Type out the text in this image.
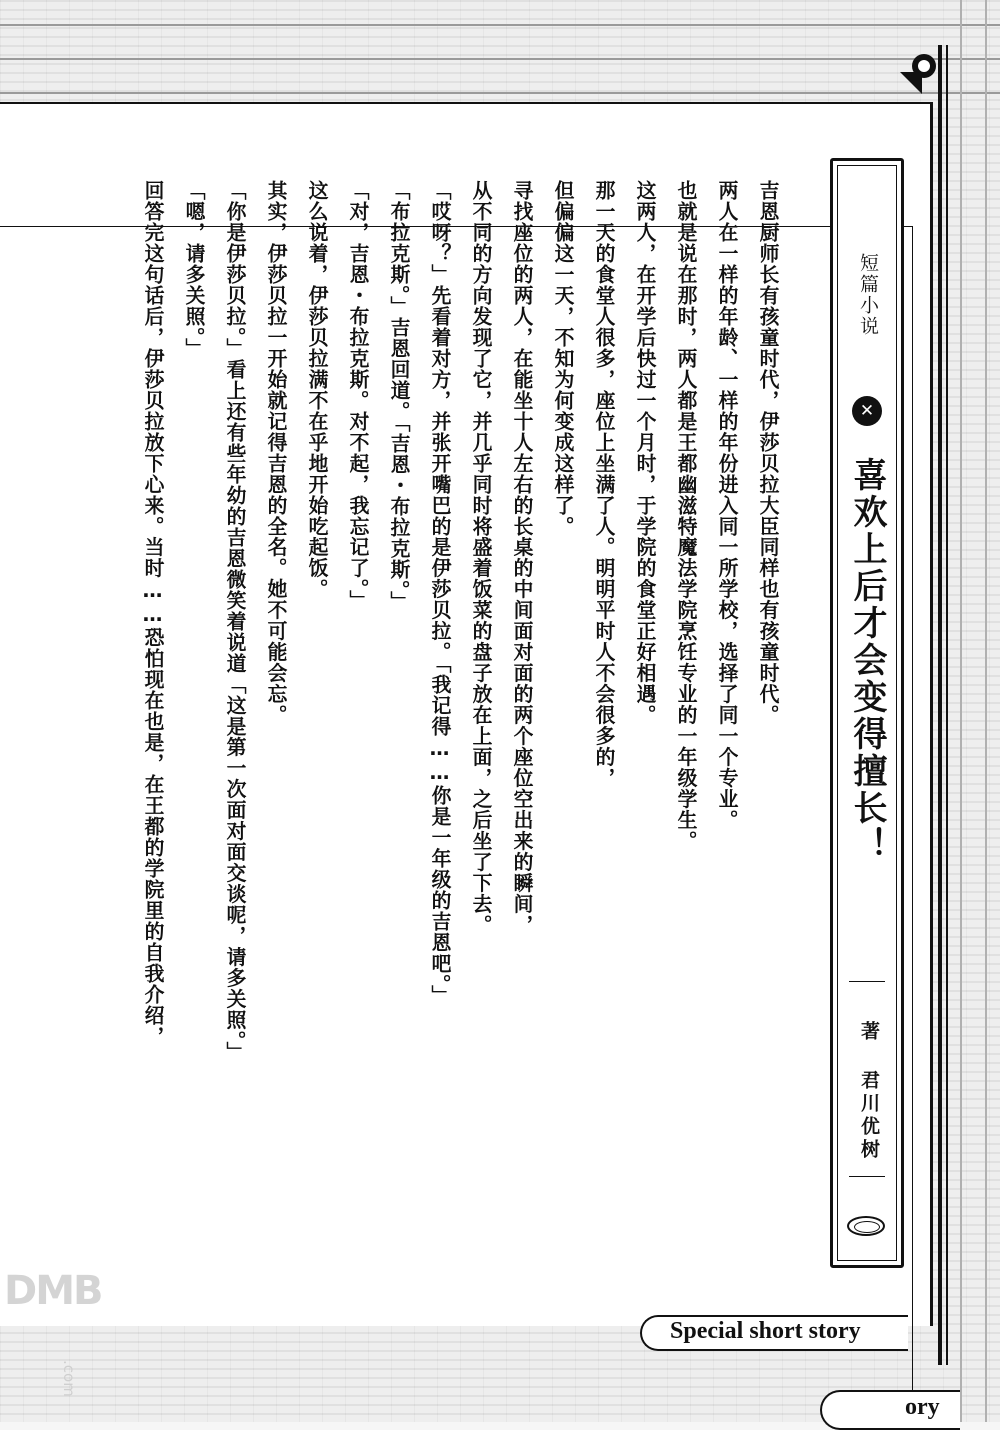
短篇小说
✕
喜欢上后才会变得擅长！
著 君川优树
吉恩厨师长有孩童时代，伊莎贝拉大臣同样也有孩童时代。
两人在一样的年龄、一样的年份进入同一所学校，选择了同一个专业。
也就是说在那时，两人都是王都幽滋特魔法学院烹饪专业的一年级学生。
这两人，在开学后快过一个月时，于学院的食堂正好相遇。
那一天的食堂人很多，座位上坐满了人。明明平时人不会很多的，
但偏偏这一天，不知为何变成这样了。
寻找座位的两人，在能坐十人左右的长桌的中间面对面的两个座位空出来的瞬间，
从不同的方向发现了它，并几乎同时将盛着饭菜的盘子放在上面，之后坐了下去。
「哎呀？」先看着对方，并张开嘴巴的是伊莎贝拉。「我记得……你是一年级的吉恩吧。」
「布拉克斯。」吉恩回道。「吉恩・布拉克斯。」
「对，吉恩・布拉克斯。对不起，我忘记了。」
这么说着，伊莎贝拉满不在乎地开始吃起饭。
其实，伊莎贝拉一开始就记得吉恩的全名。她不可能会忘。
「你是伊莎贝拉。」看上还有些年幼的吉恩微笑着说道「这是第一次面对面交谈呢，请多关照。」
「嗯，请多关照。」
回答完这句话后，伊莎贝拉放下心来。当时……恐怕现在也是，在王都的学院里的自我介绍，
Special short story
ory
DMB
.com
